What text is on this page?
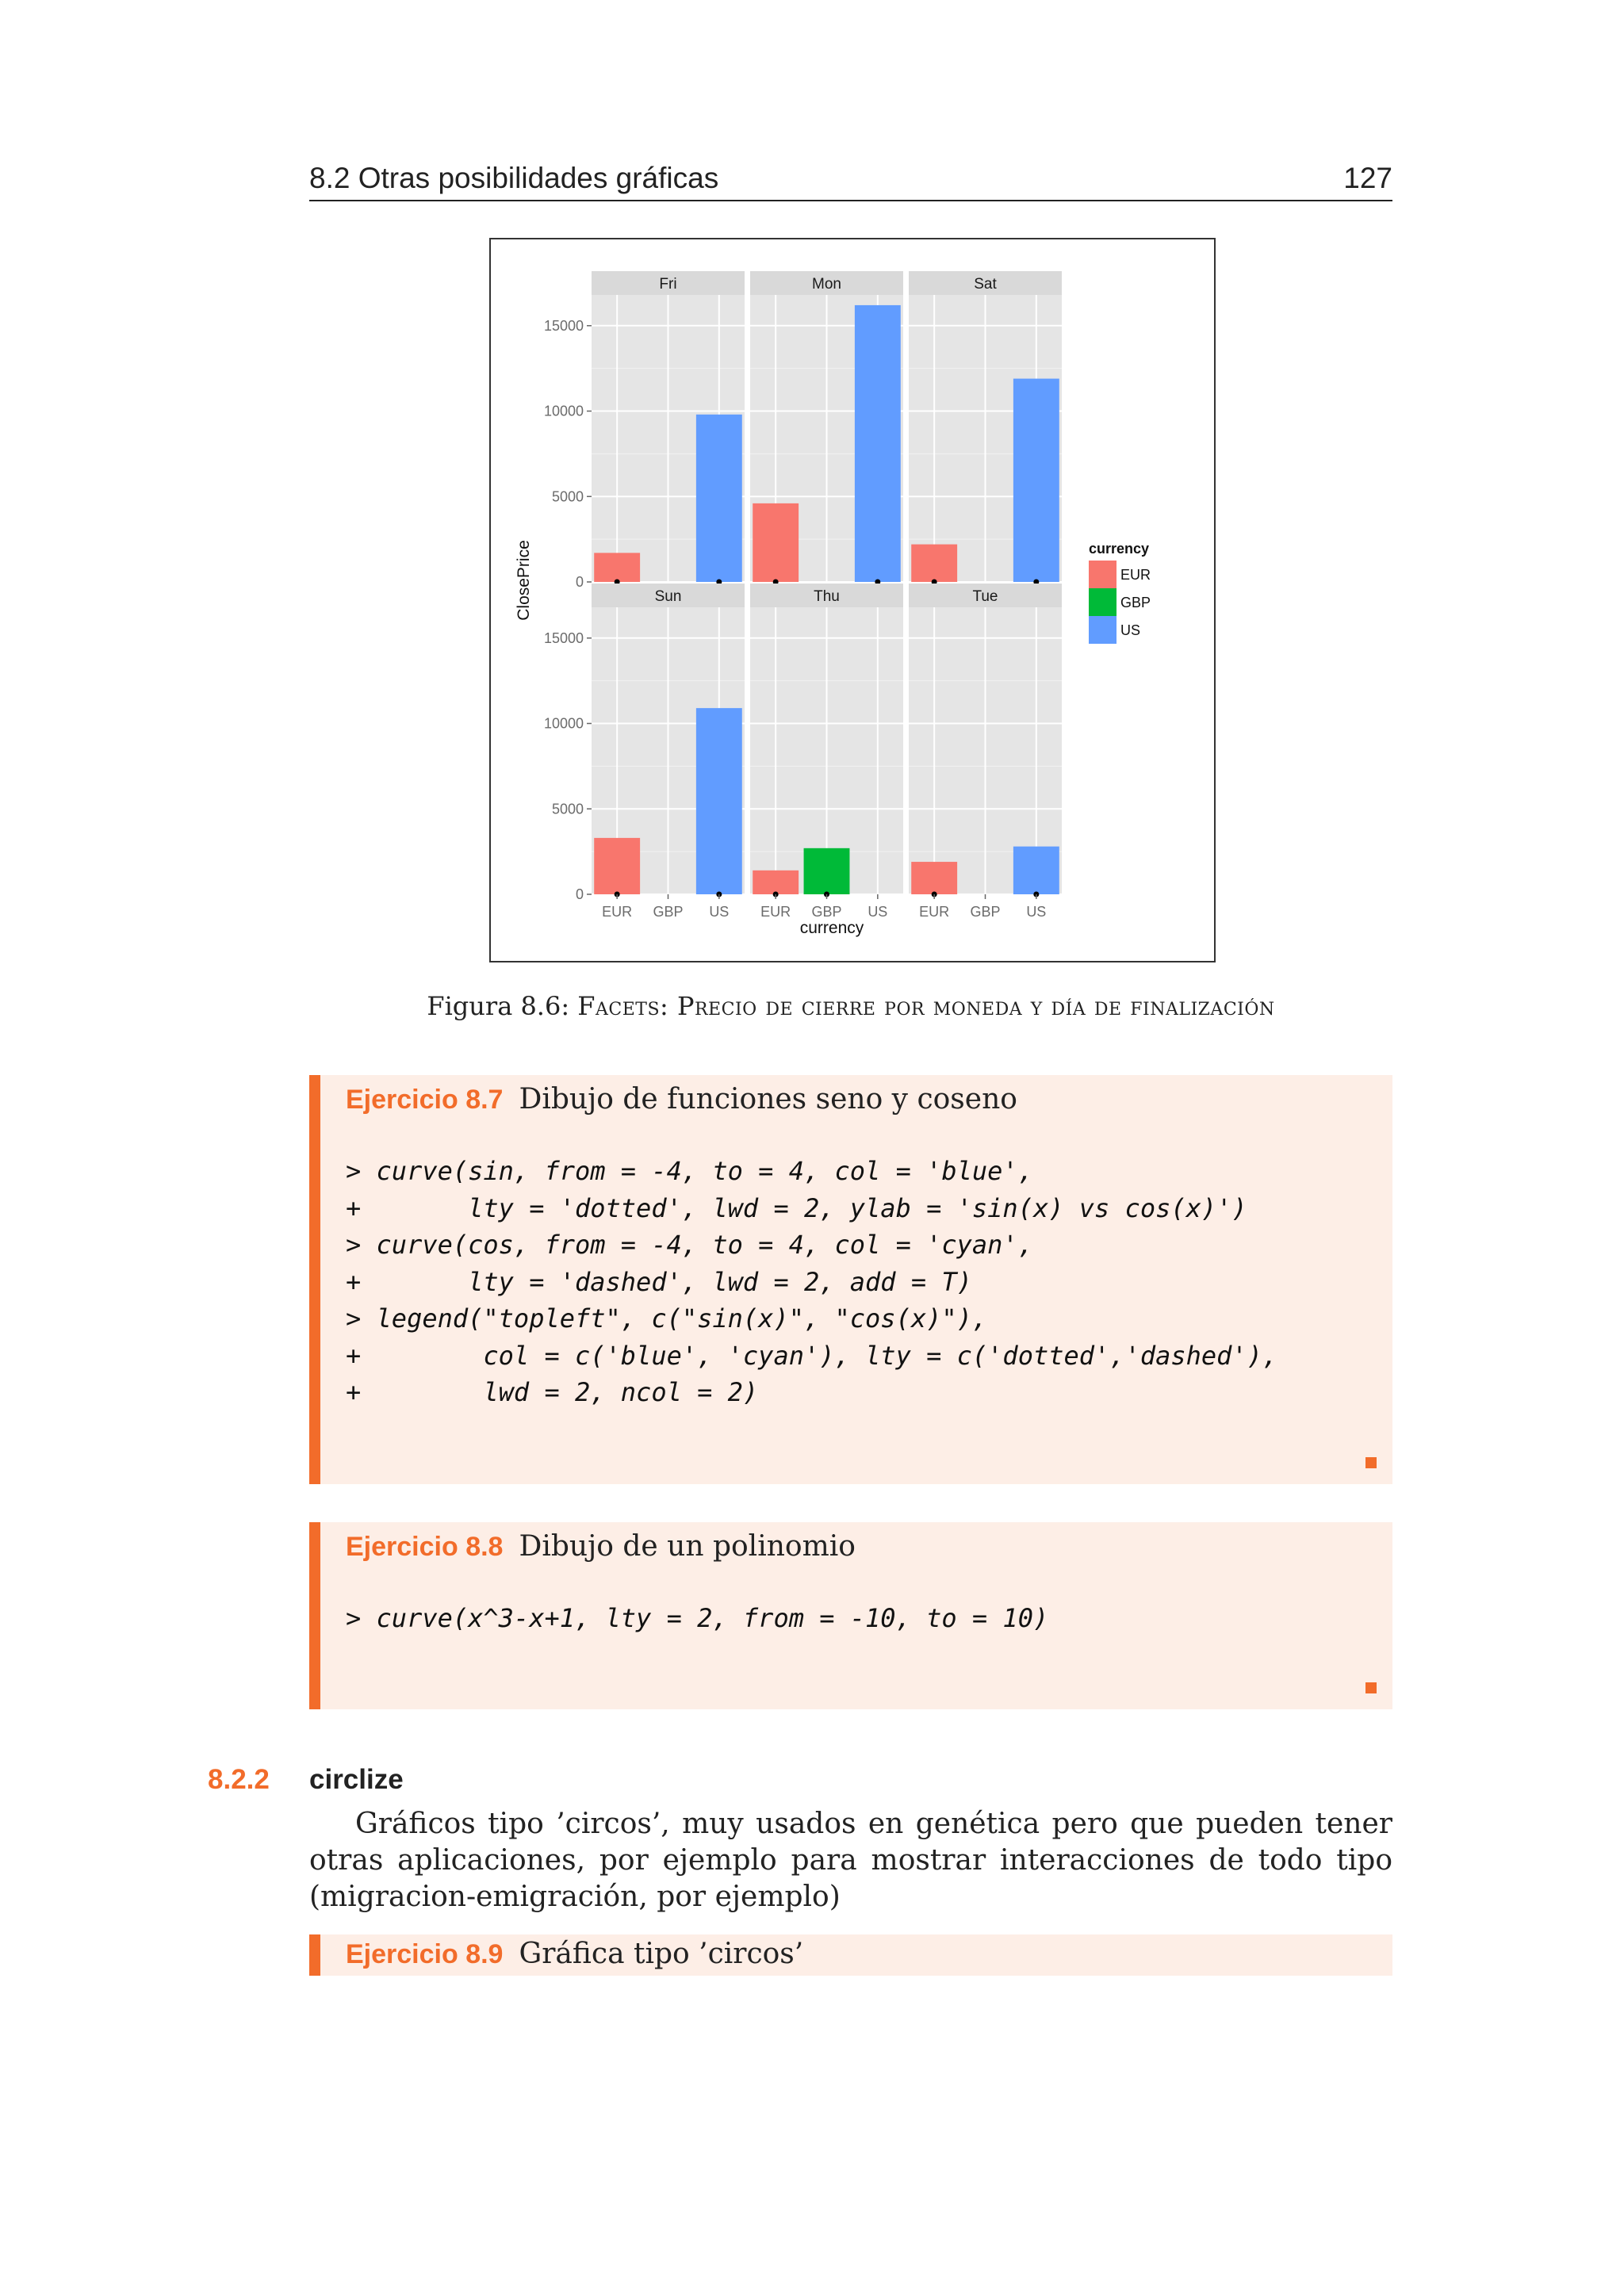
8.2 Otras posibilidades gráficas	127
Fri
0
5000
10000
15000
Mon	Sat
Sun
0
5000
10000
15000
EUR GBP US
Thu
EUR GBP US
Tue
EUR GBP US
currency
ClosePrice	currency
EUR
GBP
US
Figura 8.6: Facets: Precio de cierre por moneda y día de finalización
Ejercicio 8.7 Dibujo de funciones seno y coseno
> curve(sin, from = -4, to = 4, col = 'blue',
+       lty = 'dotted', lwd = 2, ylab = 'sin(x) vs cos(x)')
> curve(cos, from = -4, to = 4, col = 'cyan',
+       lty = 'dashed', lwd = 2, add = T)
> legend("topleft", c("sin(x)", "cos(x)"),
+        col = c('blue', 'cyan'), lty = c('dotted','dashed'),
+        lwd = 2, ncol = 2)
Ejercicio 8.8 Dibujo de un polinomio
> curve(x^3-x+1, lty = 2, from = -10, to = 10)
8.2.2 circlize

Gráficos tipo ’circos’, muy usados en genética pero que pueden tener otras aplicaciones, por ejemplo para mostrar interacciones de todo tipo (migracion-emigración, por ejemplo)

Ejercicio 8.9 Gráfica tipo ’circos’
